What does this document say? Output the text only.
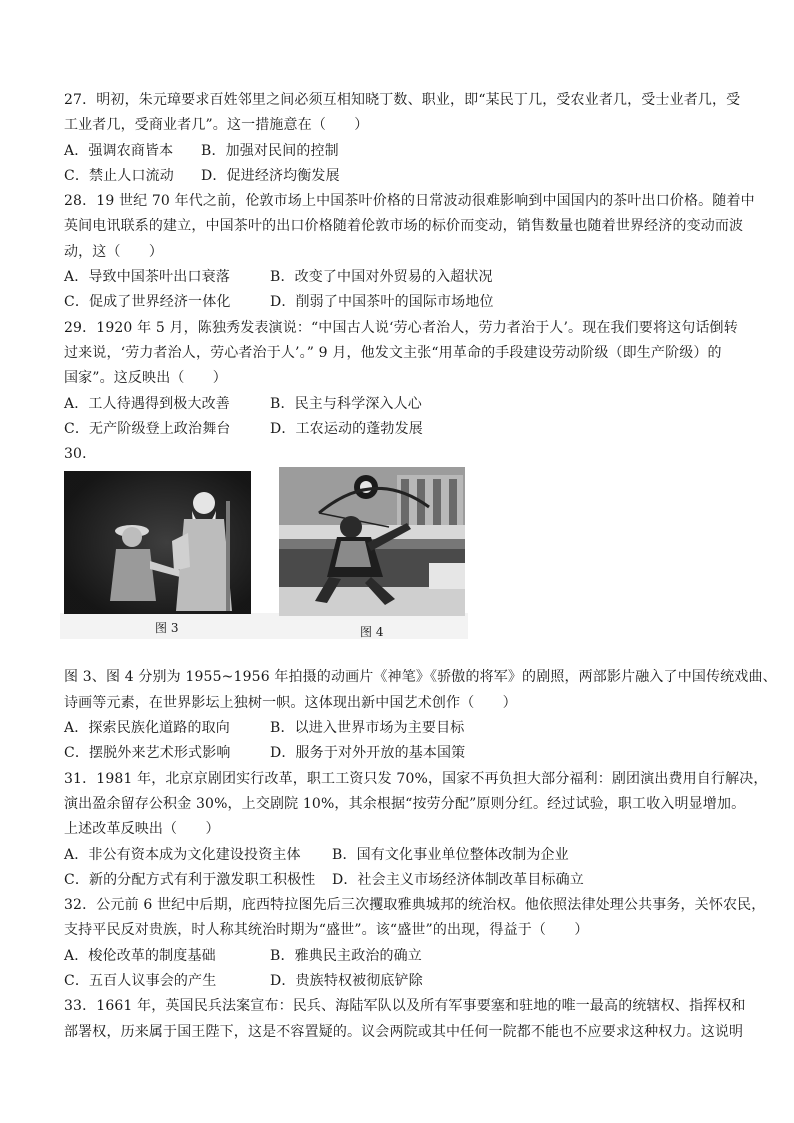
27．明初，朱元璋要求百姓邻里之间必须互相知晓丁数、职业，即“某民丁几，受农业者几，受士业者几，受
工业者几，受商业者几”。这一措施意在（　　）
A．强调农商皆本	B．加强对民间的控制
C．禁止人口流动	D．促进经济均衡发展
28．19 世纪 70 年代之前，伦敦市场上中国茶叶价格的日常波动很难影响到中国国内的茶叶出口价格。随着中
英间电讯联系的建立，中国茶叶的出口价格随着伦敦市场的标价而变动，销售数量也随着世界经济的变动而波
动，这（　　）
A．导致中国茶叶出口衰落	B．改变了中国对外贸易的入超状况
C．促成了世界经济一体化	D．削弱了中国茶叶的国际市场地位
29．1920 年 5 月，陈独秀发表演说：“中国古人说‘劳心者治人，劳力者治于人’。现在我们要将这句话倒转
过来说，‘劳力者治人，劳心者治于人’。” 9 月，他发文主张“用革命的手段建设劳动阶级（即生产阶级）的
国家”。这反映出（　　）
A．工人待遇得到极大改善	B．民主与科学深入人心
C．无产阶级登上政治舞台	D．工农运动的蓬勃发展
30．
图 3	图 4
图 3、图 4 分别为 1955~1956 年拍摄的动画片《神笔》《骄傲的将军》的剧照，两部影片融入了中国传统戏曲、
诗画等元素，在世界影坛上独树一帜。这体现出新中国艺术创作（　　）
A．探索民族化道路的取向	B．以进入世界市场为主要目标
C．摆脱外来艺术形式影响	D．服务于对外开放的基本国策
31．1981 年，北京京剧团实行改革，职工工资只发 70%，国家不再负担大部分福利：剧团演出费用自行解决，
演出盈余留存公积金 30%，上交剧院 10%，其余根据“按劳分配”原则分红。经过试验，职工收入明显增加。
上述改革反映出（　　）
A．非公有资本成为文化建设投资主体	B．国有文化事业单位整体改制为企业
C．新的分配方式有利于激发职工积极性	D．社会主义市场经济体制改革目标确立
32．公元前 6 世纪中后期，庇西特拉图先后三次攫取雅典城邦的统治权。他依照法律处理公共事务，关怀农民，
支持平民反对贵族，时人称其统治时期为“盛世”。该“盛世”的出现，得益于（　　）
A．梭伦改革的制度基础	B．雅典民主政治的确立
C．五百人议事会的产生	D．贵族特权被彻底铲除
33．1661 年，英国民兵法案宣布：民兵、海陆军队以及所有军事要塞和驻地的唯一最高的统辖权、指挥权和
部署权，历来属于国王陛下，这是不容置疑的。议会两院或其中任何一院都不能也不应要求这种权力。这说明
